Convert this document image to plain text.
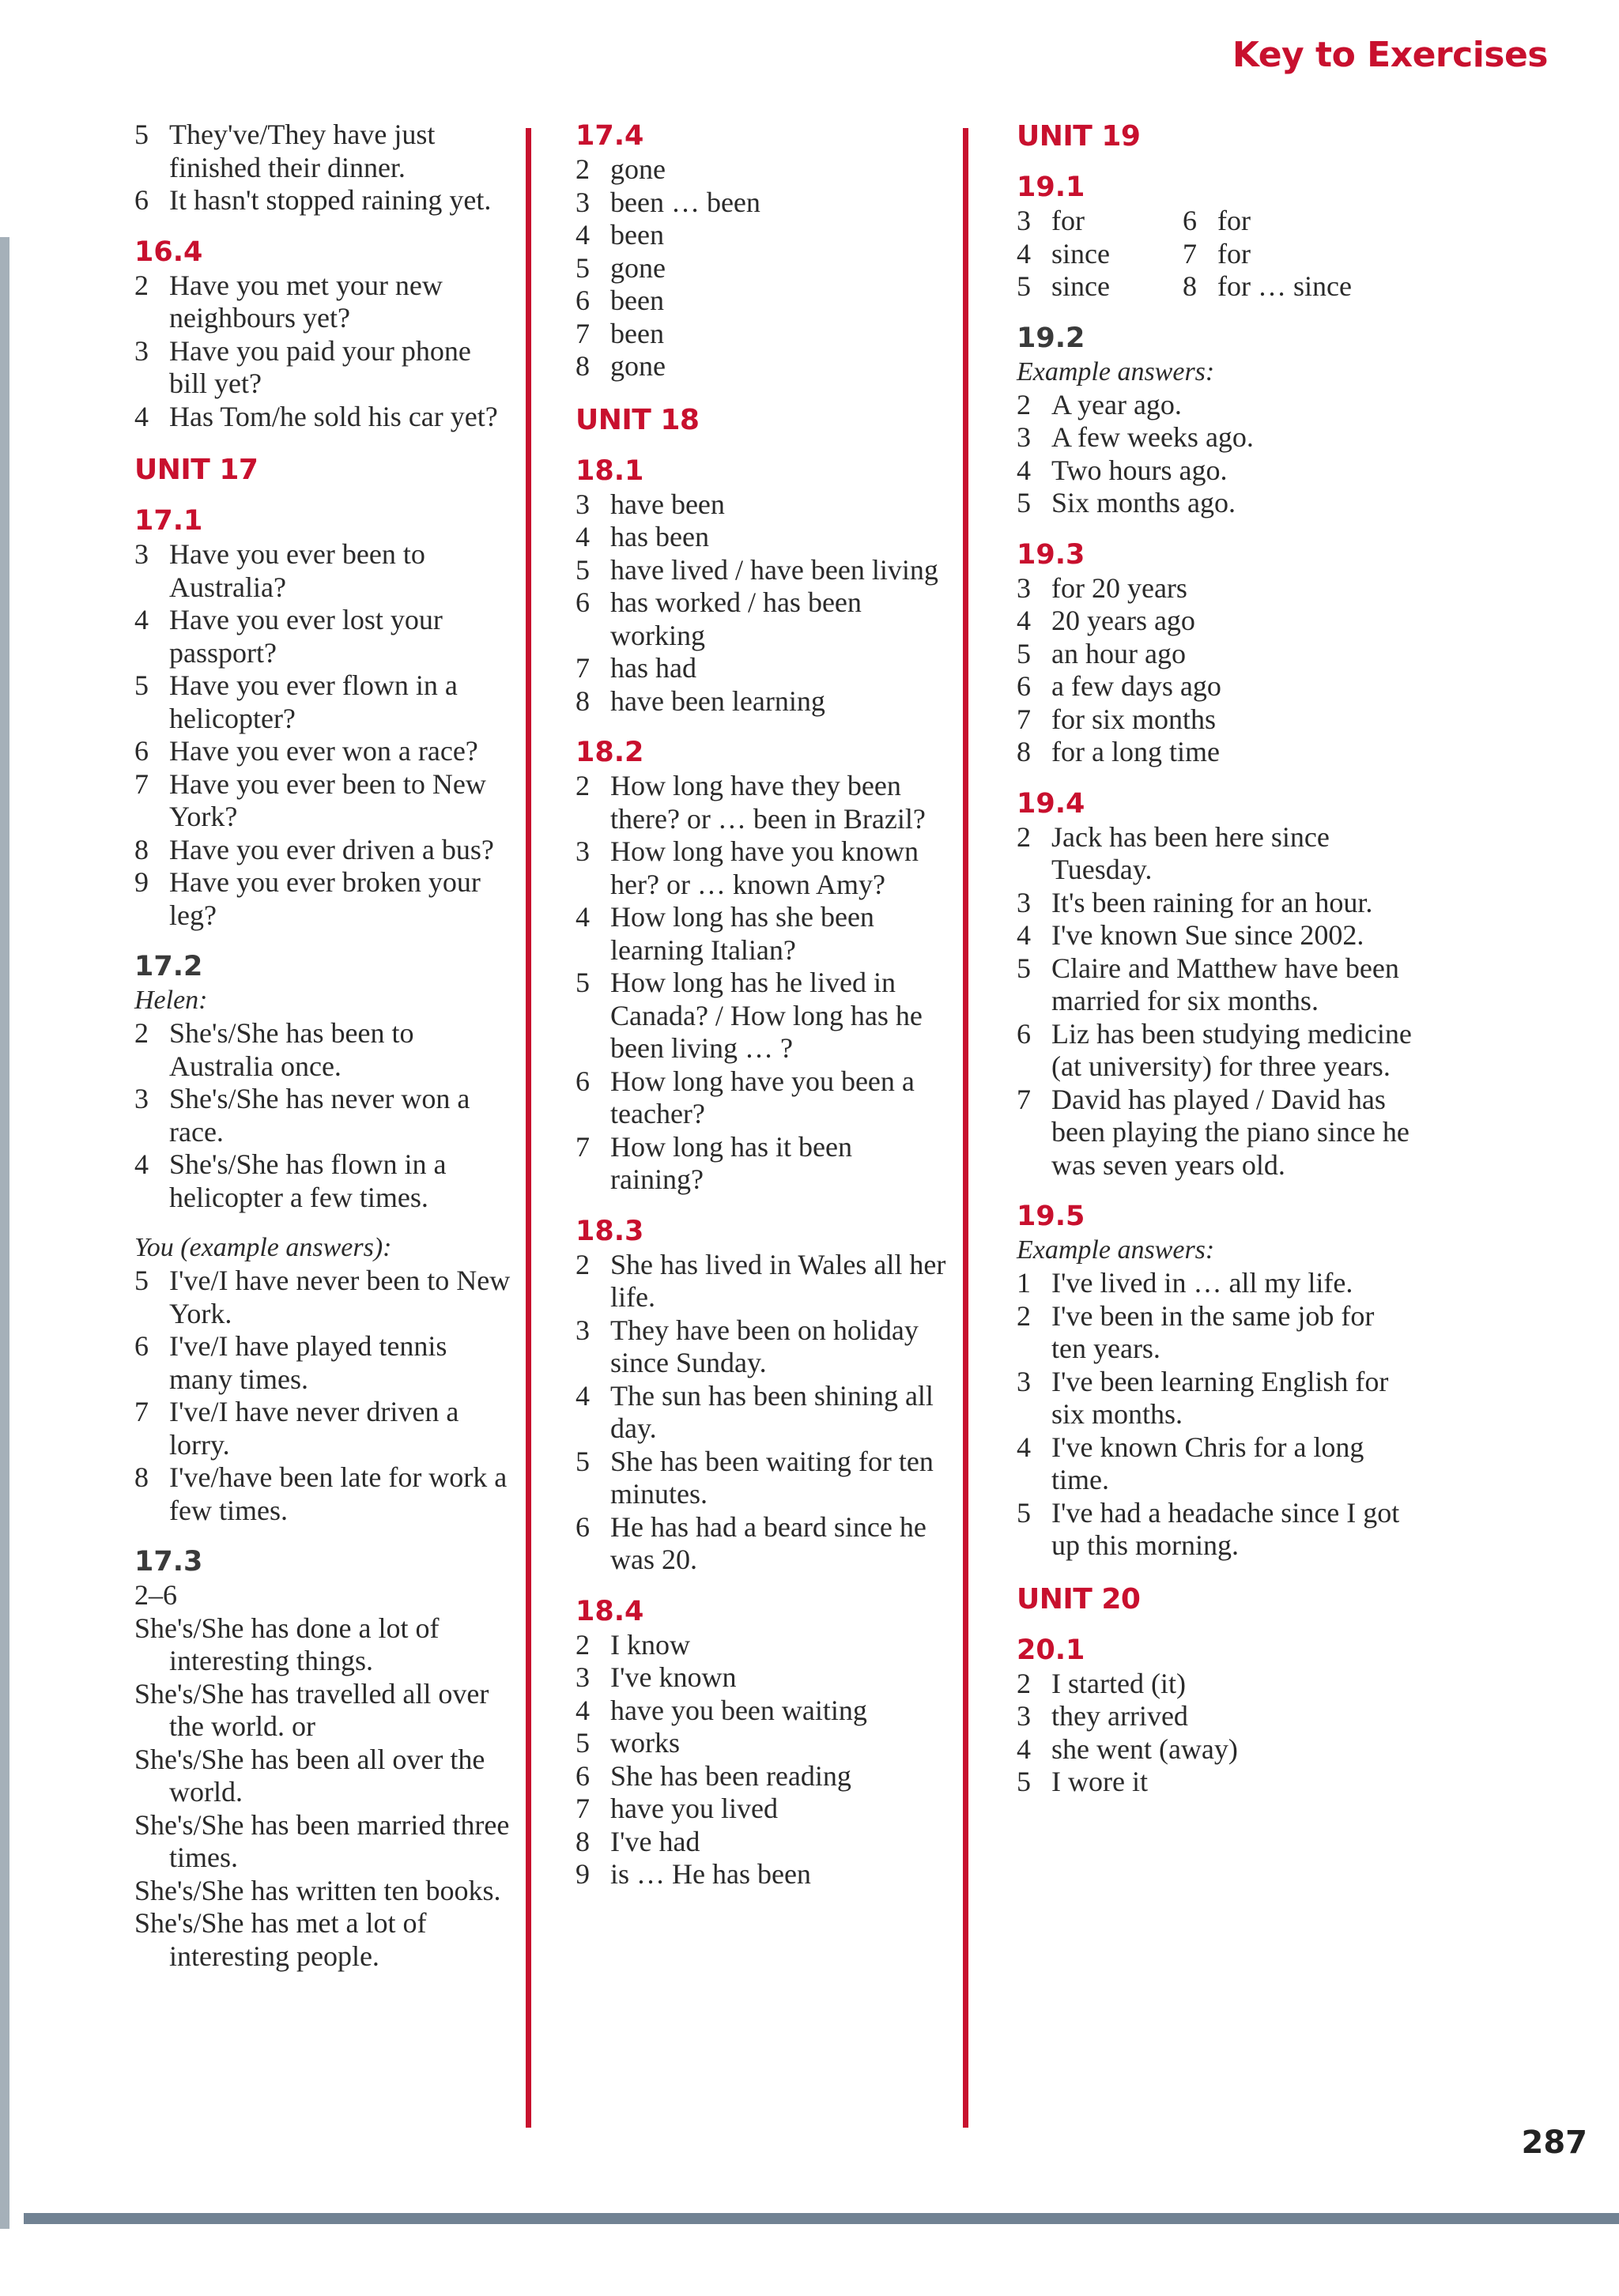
Key to Exercises
5 They've/They have just finished their dinner.
6 It hasn't stopped raining yet.
16.4
2 Have you met your new neighbours yet?
3 Have you paid your phone bill yet?
4 Has Tom/he sold his car yet?
UNIT 17
17.1
3 Have you ever been to Australia?
4 Have you ever lost your passport?
5 Have you ever flown in a helicopter?
6 Have you ever won a race?
7 Have you ever been to New York?
8 Have you ever driven a bus?
9 Have you ever broken your leg?
17.2
Helen:
2 She's/She has been to Australia once.
3 She's/She has never won a race.
4 She's/She has flown in a helicopter a few times.
You (example answers):
5 I've/I have never been to New York.
6 I've/I have played tennis many times.
7 I've/I have never driven a lorry.
8 I've/have been late for work a few times.
17.3
2–6
She's/She has done a lot of interesting things.
She's/She has travelled all over the world. or
She's/She has been all over the world.
She's/She has been married three times.
She's/She has written ten books.
She's/She has met a lot of interesting people.
17.4
2 gone
3 been … been
4 been
5 gone
6 been
7 been
8 gone
UNIT 18
18.1
3 have been
4 has been
5 have lived / have been living
6 has worked / has been working
7 has had
8 have been learning
18.2
2 How long have they been there? or … been in Brazil?
3 How long have you known her? or … known Amy?
4 How long has she been learning Italian?
5 How long has he lived in Canada? / How long has he been living … ?
6 How long have you been a teacher?
7 How long has it been raining?
18.3
2 She has lived in Wales all her life.
3 They have been on holiday since Sunday.
4 The sun has been shining all day.
5 She has been waiting for ten minutes.
6 He has had a beard since he was 20.
18.4
2 I know
3 I've known
4 have you been waiting
5 works
6 She has been reading
7 have you lived
8 I've had
9 is … He has been
UNIT 19
19.1
3 for	6 for
4 since	7 for
5 since	8 for … since
19.2
Example answers:
2 A year ago.
3 A few weeks ago.
4 Two hours ago.
5 Six months ago.
19.3
3 for 20 years
4 20 years ago
5 an hour ago
6 a few days ago
7 for six months
8 for a long time
19.4
2 Jack has been here since Tuesday.
3 It's been raining for an hour.
4 I've known Sue since 2002.
5 Claire and Matthew have been married for six months.
6 Liz has been studying medicine (at university) for three years.
7 David has played / David has been playing the piano since he was seven years old.
19.5
Example answers:
1 I've lived in … all my life.
2 I've been in the same job for ten years.
3 I've been learning English for six months.
4 I've known Chris for a long time.
5 I've had a headache since I got up this morning.
UNIT 20
20.1
2 I started (it)
3 they arrived
4 she went (away)
5 I wore it
287
